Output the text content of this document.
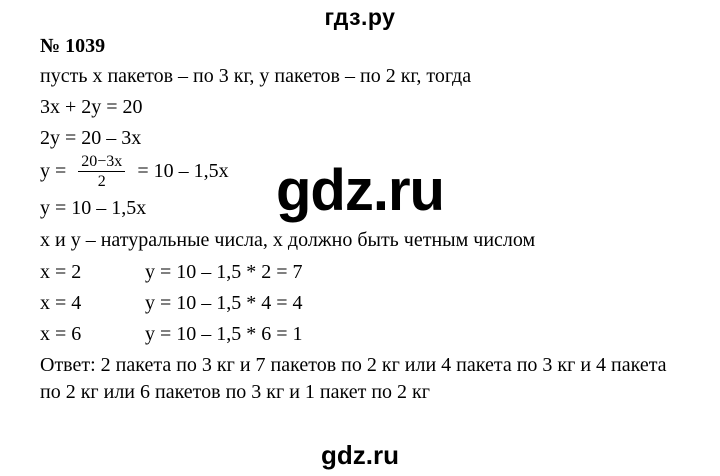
гдз.ру
№ 1039
пусть х пакетов – по 3 кг, у пакетов – по 2 кг, тогда
3x + 2y = 20
2y = 20 – 3x
$y = \frac{20-3x}{2} = 10 - 1,5x$
y = 10 – 1,5x
х и у – натуральные числа, х должно быть четным числом
x = 2	y = 10 – 1,5 * 2 = 7
x = 4	y = 10 – 1,5 * 4 = 4
x = 6	y = 10 – 1,5 * 6 = 1
Ответ: 2 пакета по 3 кг и 7 пакетов по 2 кг или 4 пакета по 3 кг и 4 пакета по 2 кг или 6 пакетов по 3 кг и 1 пакет по 2 кг
gdz.ru
gdz.ru
